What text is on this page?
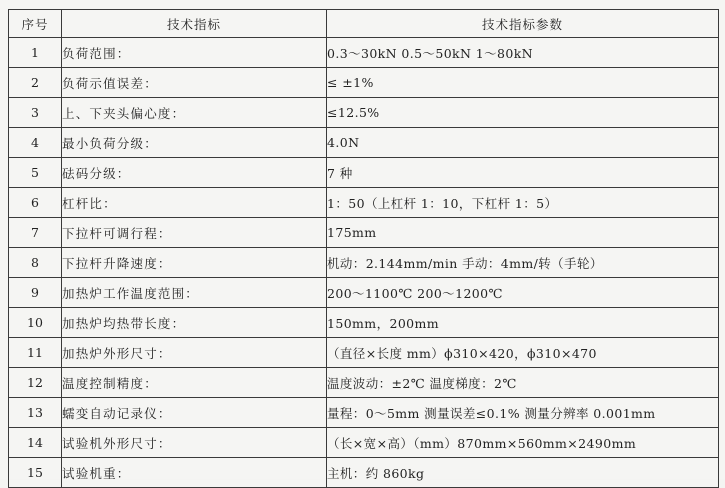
序号	技术指标	技术指标参数
1	负荷范围：	0.3～30kN 0.5～50kN 1～80kN
2	负荷示值误差：	≤ ±1%
3	上、下夹头偏心度：	≤12.5%
4	最小负荷分级：	4.0N
5	砝码分级：	7 种
6	杠杆比：	1：50（上杠杆 1：10，下杠杆 1：5）
7	下拉杆可调行程：	175mm
8	下拉杆升降速度：	机动：2.144mm/min 手动：4mm/转（手轮）
9	加热炉工作温度范围：	200～1100℃ 200～1200℃
10	加热炉均热带长度：	150mm，200mm
11	加热炉外形尺寸：	（直径×长度 mm）ϕ310×420，ϕ310×470
12	温度控制精度：	温度波动：±2℃ 温度梯度：2℃
13	蠕变自动记录仪：	量程：0～5mm 测量误差≤0.1% 测量分辨率 0.001mm
14	试验机外形尺寸：	（长×宽×高）（mm）870mm×560mm×2490mm
15	试验机重：	主机：约 860kg
